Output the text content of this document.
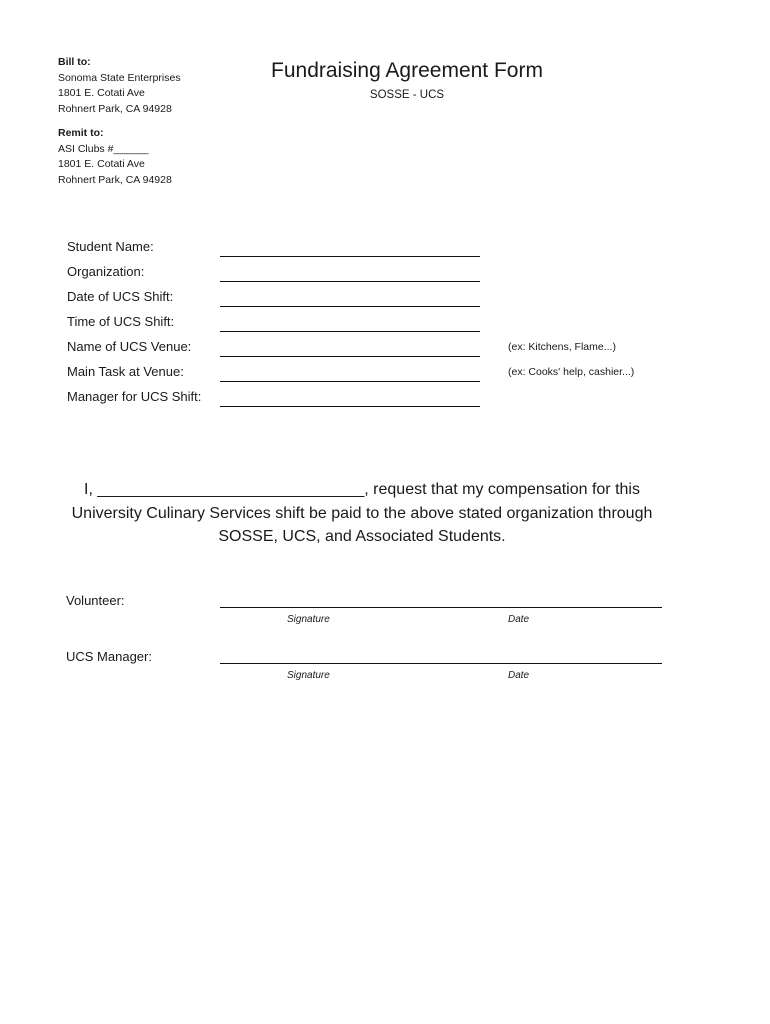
Bill to:
Sonoma State Enterprises
1801 E. Cotati Ave
Rohnert Park, CA 94928
Remit to:
ASI Clubs #______
1801 E. Cotati Ave
Rohnert Park, CA 94928
Fundraising Agreement Form
SOSSE - UCS
Student Name:
Organization:
Date of UCS Shift:
Time of UCS Shift:
Name of UCS Venue:	(ex: Kitchens, Flame...)
Main Task at Venue:	(ex: Cooks' help, cashier...)
Manager for UCS Shift:
I, ______________________________, request that my compensation for this
University Culinary Services shift be paid to the above stated organization through
SOSSE, UCS, and Associated Students.
Volunteer:
Signature	Date
UCS Manager:
Signature	Date
